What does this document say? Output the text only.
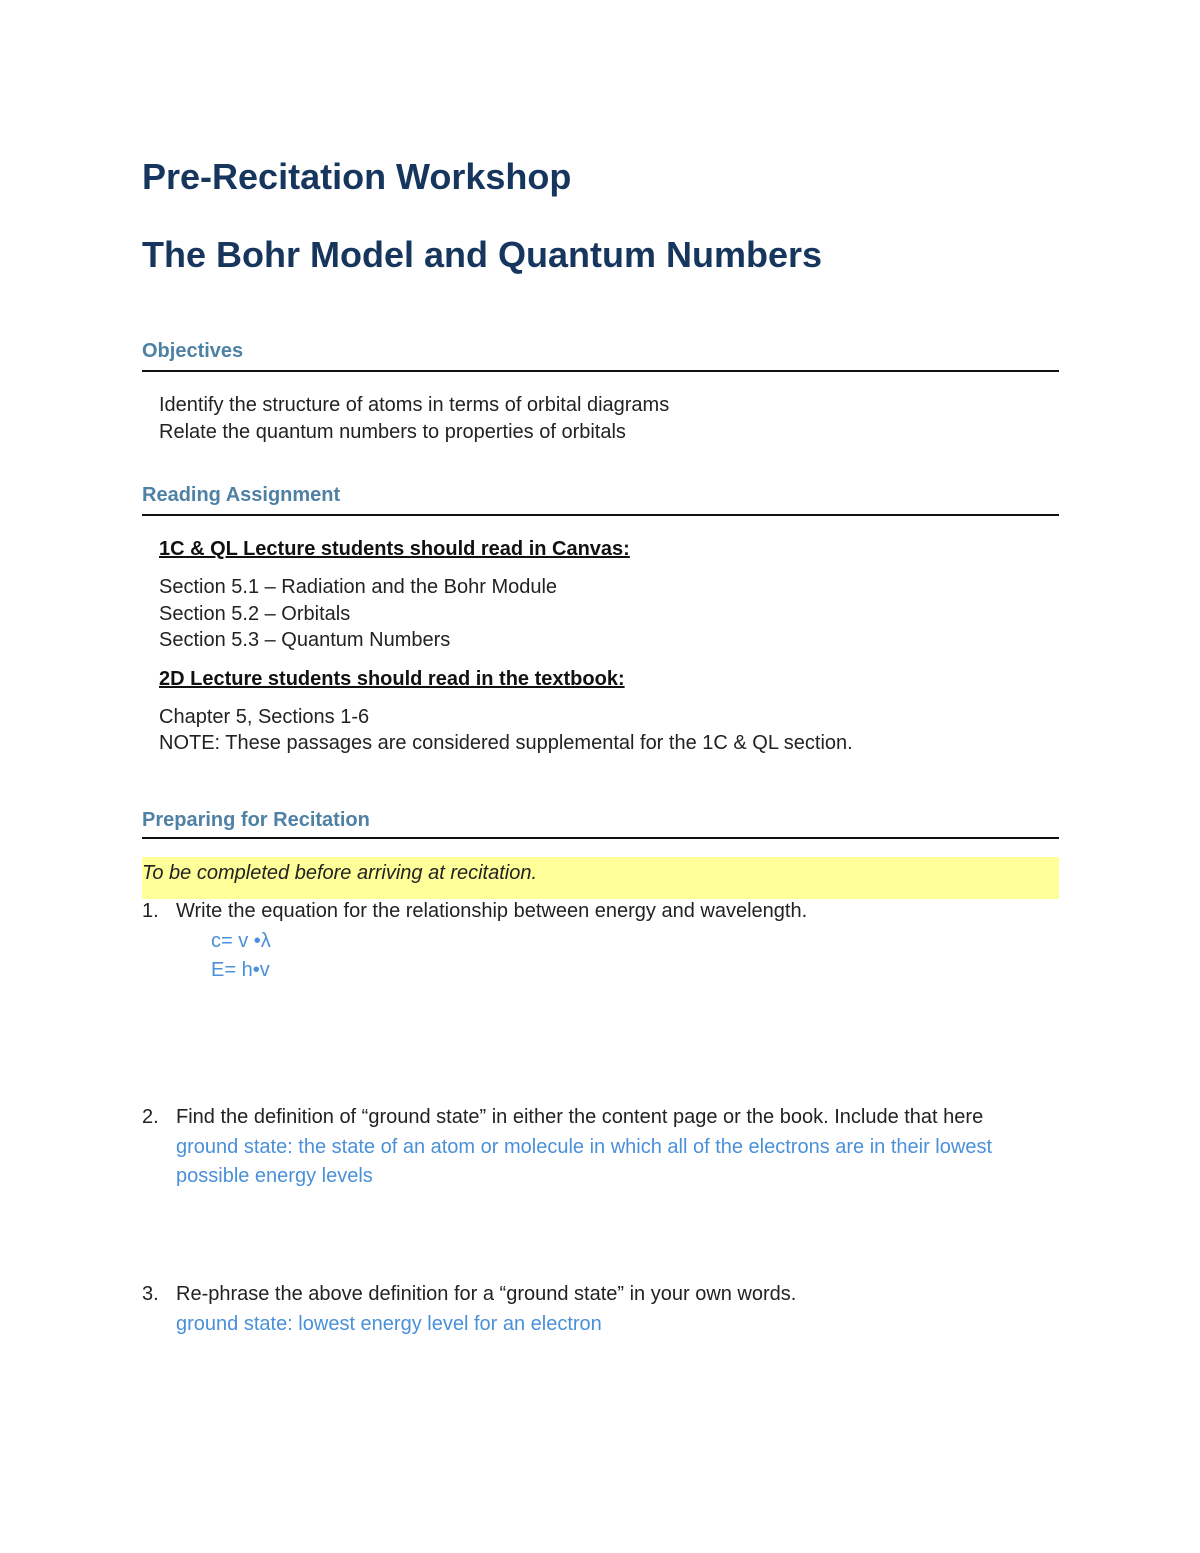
Pre-Recitation Workshop
The Bohr Model and Quantum Numbers
Objectives
Identify the structure of atoms in terms of orbital diagrams
Relate the quantum numbers to properties of orbitals
Reading Assignment
1C & QL Lecture students should read in Canvas:
Section 5.1 – Radiation and the Bohr Module
Section 5.2 – Orbitals
Section 5.3 – Quantum Numbers
2D Lecture students should read in the textbook:
Chapter 5, Sections 1-6
NOTE: These passages are considered supplemental for the 1C & QL section.
Preparing for Recitation
To be completed before arriving at recitation.
1. Write the equation for the relationship between energy and wavelength.
c= v •λ
E= h•v
2. Find the definition of “ground state” in either the content page or the book. Include that here
ground state: the state of an atom or molecule in which all of the electrons are in their lowest
possible energy levels
3. Re-phrase the above definition for a “ground state” in your own words.
ground state: lowest energy level for an electron
